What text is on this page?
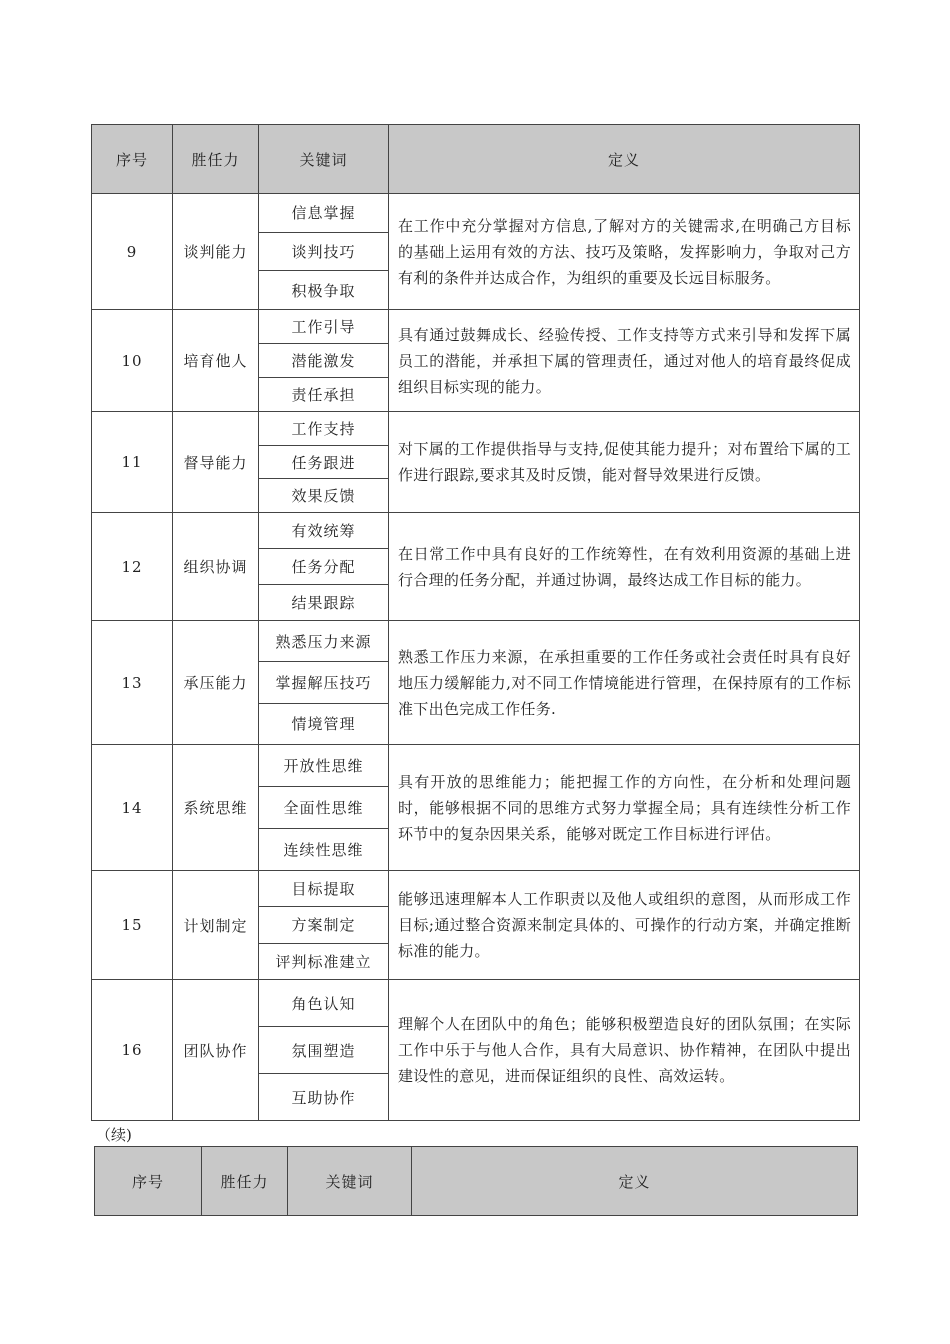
序号	胜任力	关键词	定义
9	谈判能力	信息掌握
谈判技巧
积极争取	在工作中充分掌握对方信息,了解对方的关键需求,在明确己方目标的基础上运用有效的方法、技巧及策略，发挥影响力，争取对己方有利的条件并达成合作，为组织的重要及长远目标服务。
10	培育他人	工作引导
潜能激发
责任承担	具有通过鼓舞成长、经验传授、工作支持等方式来引导和发挥下属员工的潜能，并承担下属的管理责任，通过对他人的培育最终促成组织目标实现的能力。
11	督导能力	工作支持
任务跟进
效果反馈	对下属的工作提供指导与支持,促使其能力提升；对布置给下属的工作进行跟踪,要求其及时反馈，能对督导效果进行反馈。
12	组织协调	有效统筹
任务分配
结果跟踪	在日常工作中具有良好的工作统筹性，在有效利用资源的基础上进行合理的任务分配，并通过协调，最终达成工作目标的能力。
13	承压能力	熟悉压力来源
掌握解压技巧
情境管理	熟悉工作压力来源，在承担重要的工作任务或社会责任时具有良好地压力缓解能力,对不同工作情境能进行管理，在保持原有的工作标准下出色完成工作任务.
14	系统思维	开放性思维
全面性思维
连续性思维	具有开放的思维能力；能把握工作的方向性，在分析和处理问题时，能够根据不同的思维方式努力掌握全局；具有连续性分析工作环节中的复杂因果关系，能够对既定工作目标进行评估。
15	计划制定	目标提取
方案制定
评判标准建立	能够迅速理解本人工作职责以及他人或组织的意图，从而形成工作目标;通过整合资源来制定具体的、可操作的行动方案，并确定推断标准的能力。
16	团队协作	角色认知
氛围塑造
互助协作	理解个人在团队中的角色；能够积极塑造良好的团队氛围；在实际工作中乐于与他人合作，具有大局意识、协作精神，在团队中提出建设性的意见，进而保证组织的良性、高效运转。
（续)
序号	胜任力	关键词	定义
